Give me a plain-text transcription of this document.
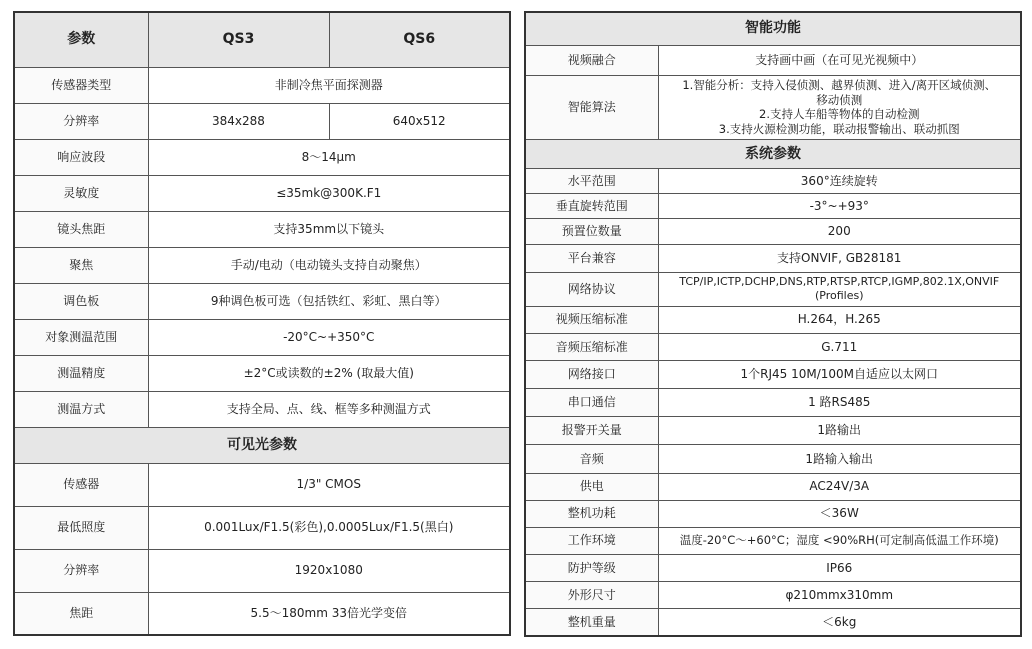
参数	QS3	QS6
传感器类型	非制冷焦平面探测器	
分辨率	384x288	640x512
响应波段	8～14μm	
灵敏度	≤35mk@300K.F1	
镜头焦距	支持35mm以下镜头	
聚焦	手动/电动（电动镜头支持自动聚焦）	
调色板	9种调色板可选（包括铁红、彩虹、黑白等）	
对象测温范围	-20°C~+350°C	
测温精度	±2°C或读数的±2% (取最大值)	
测温方式	支持全局、点、线、框等多种测温方式	
可见光参数		
传感器	1/3" CMOS	
最低照度	0.001Lux/F1.5(彩色),0.0005Lux/F1.5(黑白)	
分辨率	1920x1080	
焦距	5.5～180mm 33倍光学变倍	
智能功能	
视频融合	支持画中画（在可见光视频中）
智能算法	1.智能分析：支持入侵侦测、越界侦测、进入/离开区域侦测、
移动侦测
2.支持人车船等物体的自动检测
3.支持火源检测功能，联动报警输出、联动抓图

系统参数	
水平范围	360°连续旋转
垂直旋转范围	-3°~+93°
预置位数量	200
平台兼容	支持ONVIF, GB28181
网络协议	TCP/IP,ICTP,DCHP,DNS,RTP,RTSP,RTCP,IGMP,802.1X,ONVIF
(Profiles)

视频压缩标准	H.264，H.265
音频压缩标准	G.711
网络接口	1个RJ45 10M/100M自适应以太网口
串口通信	1 路RS485
报警开关量	1路输出
音频	1路输入输出
供电	AC24V/3A
整机功耗	＜36W
工作环境	温度-20°C～+60°C；湿度 <90%RH(可定制高低温工作环境)
防护等级	IP66
外形尺寸	φ210mmx310mm
整机重量	＜6kg
